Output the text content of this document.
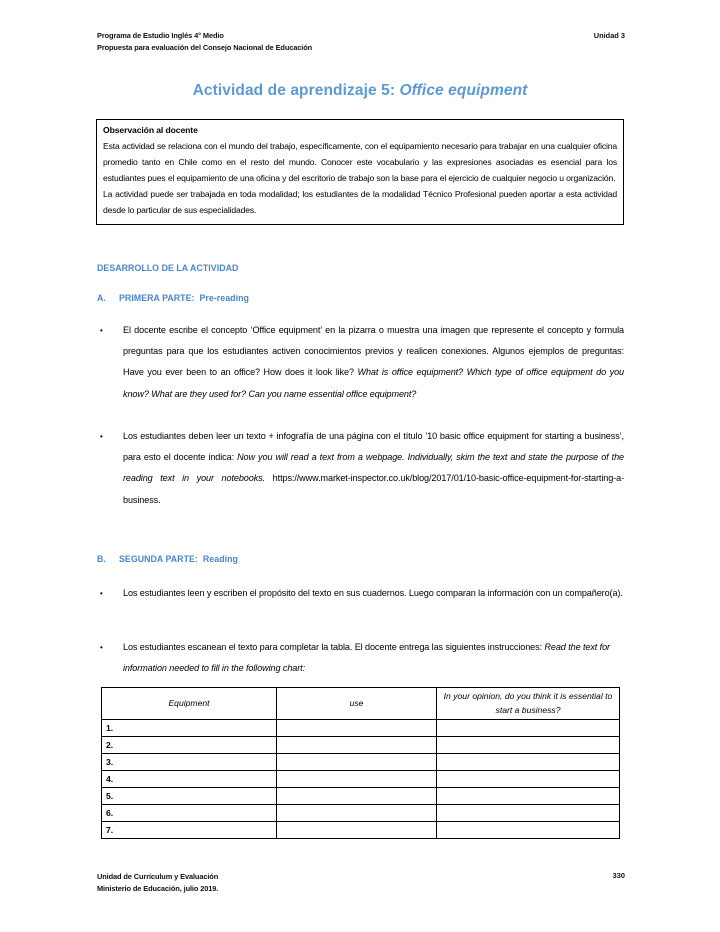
Programa de Estudio Inglés 4° Medio
Propuesta para evaluación del Consejo Nacional de Educación
Unidad 3
Actividad de aprendizaje 5: Office equipment
Observación al docente
Esta actividad se relaciona con el mundo del trabajo, específicamente, con el equipamiento necesario para trabajar en una cualquier oficina promedio tanto en Chile como en el resto del mundo. Conocer este vocabulario y las expresiones asociadas es esencial para los estudiantes pues el equipamiento de una oficina y del escritorio de trabajo son la base para el ejercicio de cualquier negocio u organización.
La actividad puede ser trabajada en toda modalidad; los estudiantes de la modalidad Técnico Profesional pueden aportar a esta actividad desde lo particular de sus especialidades.
DESARROLLO DE LA ACTIVIDAD
A. PRIMERA PARTE: Pre-reading
•	El docente escribe el concepto ‘Office equipment’ en la pizarra o muestra una imagen que represente el concepto y formula preguntas para que los estudiantes activen conocimientos previos y realicen conexiones. Algunos ejemplos de preguntas: Have you ever been to an office? How does it look like? What is office equipment? Which type of office equipment do you know? What are they used for? Can you name essential office equipment?
•	Los estudiantes deben leer un texto + infografía de una página con el título ’10 basic office equipment for starting a business’, para esto el docente indica: Now you will read a text from a webpage. Individually, skim the text and state the purpose of the reading text in your notebooks. https://www.market-inspector.co.uk/blog/2017/01/10-basic-office-equipment-for-starting-a-business.
B. SEGUNDA PARTE: Reading
•	Los estudiantes leen y escriben el propósito del texto en sus cuadernos. Luego comparan la información con un compañero(a).
•	Los estudiantes escanean el texto para completar la tabla. El docente entrega las siguientes instrucciones: Read the text for information needed to fill in the following chart:
Equipment	use	In your opinion, do you think it is essential to start a business?
1.		
2.		
3.		
4.		
5.		
6.		
7.		
Unidad de Curriculum y Evaluación
Ministerio de Educación, julio 2019.
330
